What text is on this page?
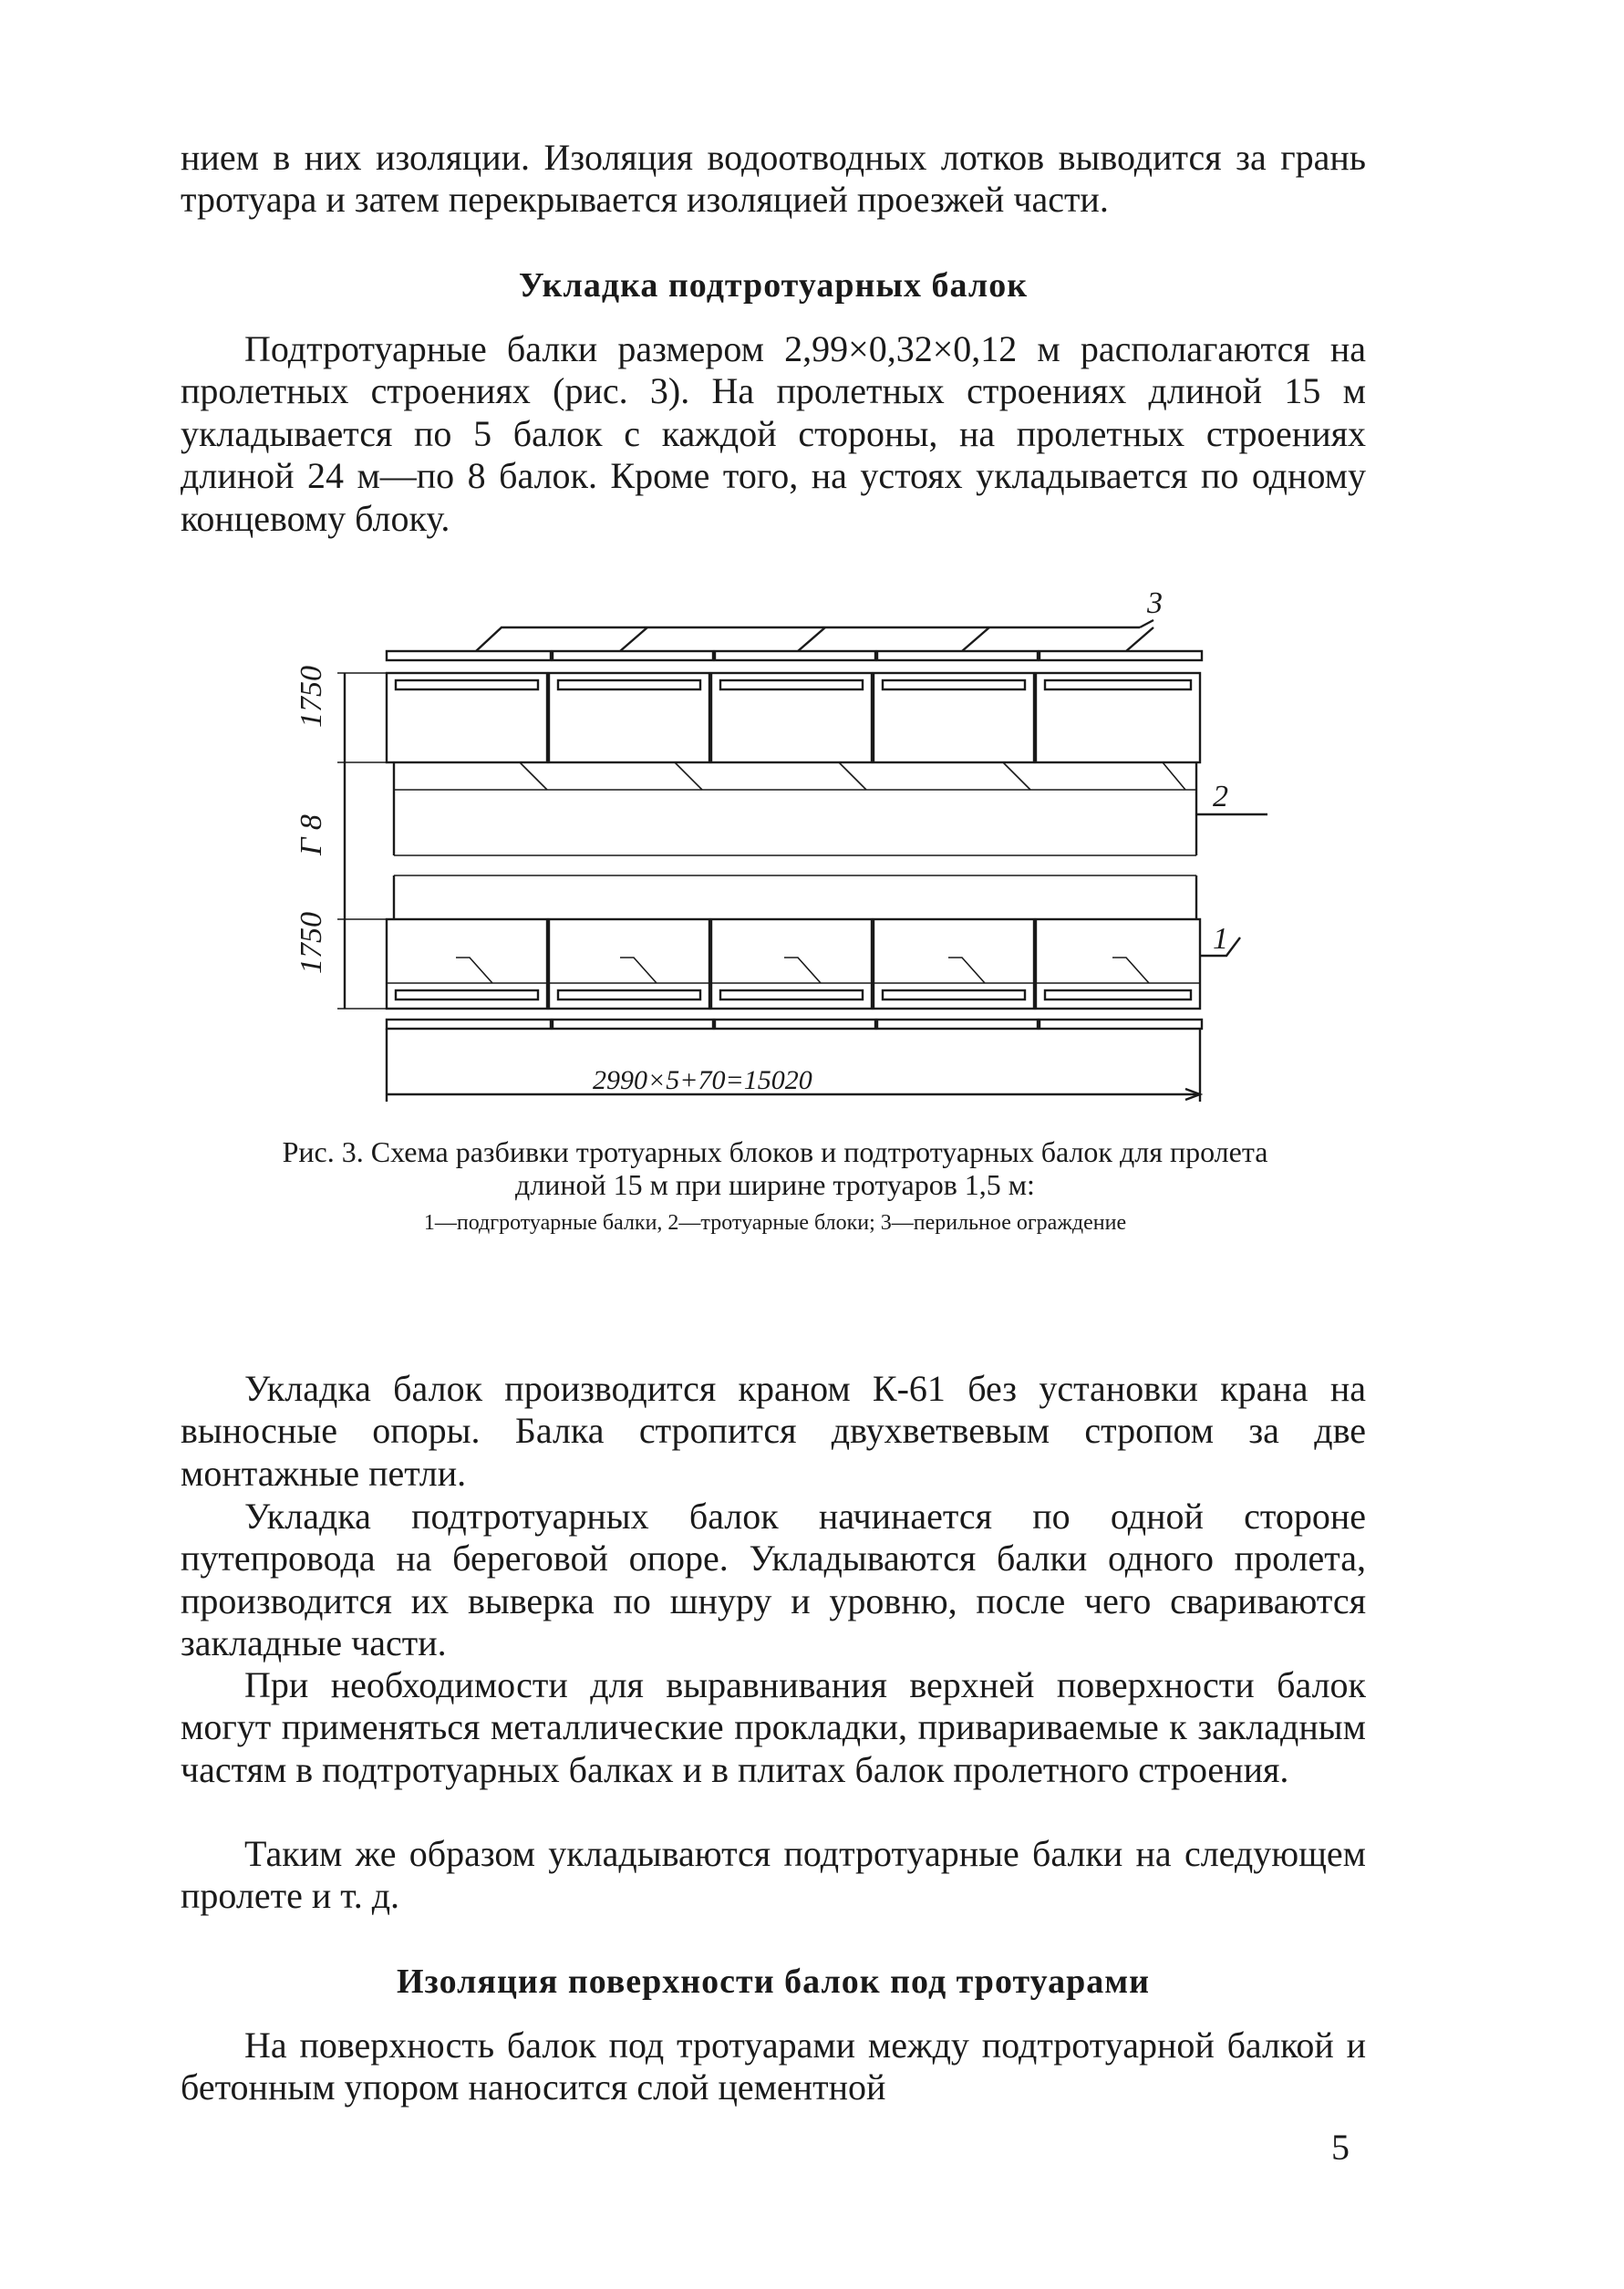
нием в них изоляции. Изоляция водоотводных лотков выводится за грань тротуара и затем перекрывается изоляцией проезжей части.

Укладка подтротуарных балок

Подтротуарные балки размером 2,99×0,32×0,12 м располагаются на пролетных строениях (рис. 3). На пролетных строениях длиной 15 м укладывается по 5 балок с каждой стороны, на пролетных строениях длиной 24 м—по 8 балок. Кроме того, на устоях укладывается по одному концевому блоку.

1750
Г 8
1750
2990×5+70=15020
3
2
1

Рис. 3. Схема разбивки тротуарных блоков и подтротуарных балок для пролета длиной 15 м при ширине тротуаров 1,5 м:

1—подгротуарные балки, 2—тротуарные блоки; 3—перильное ограждение

Укладка балок производится краном К-61 без установки крана на выносные опоры. Балка стропится двухветвевым стропом за две монтажные петли.

Укладка подтротуарных балок начинается по одной стороне путепровода на береговой опоре. Укладываются балки одного пролета, производится их выверка по шнуру и уровню, после чего свариваются закладные части.

При необходимости для выравнивания верхней поверхности балок могут применяться металлические прокладки, привариваемые к закладным частям в подтротуарных балках и в плитах балок пролетного строения.

Таким же образом укладываются подтротуарные балки на следующем пролете и т. д.

Изоляция поверхности балок под тротуарами

На поверхность балок под тротуарами между подтротуарной балкой и бетонным упором наносится слой цементной

5
